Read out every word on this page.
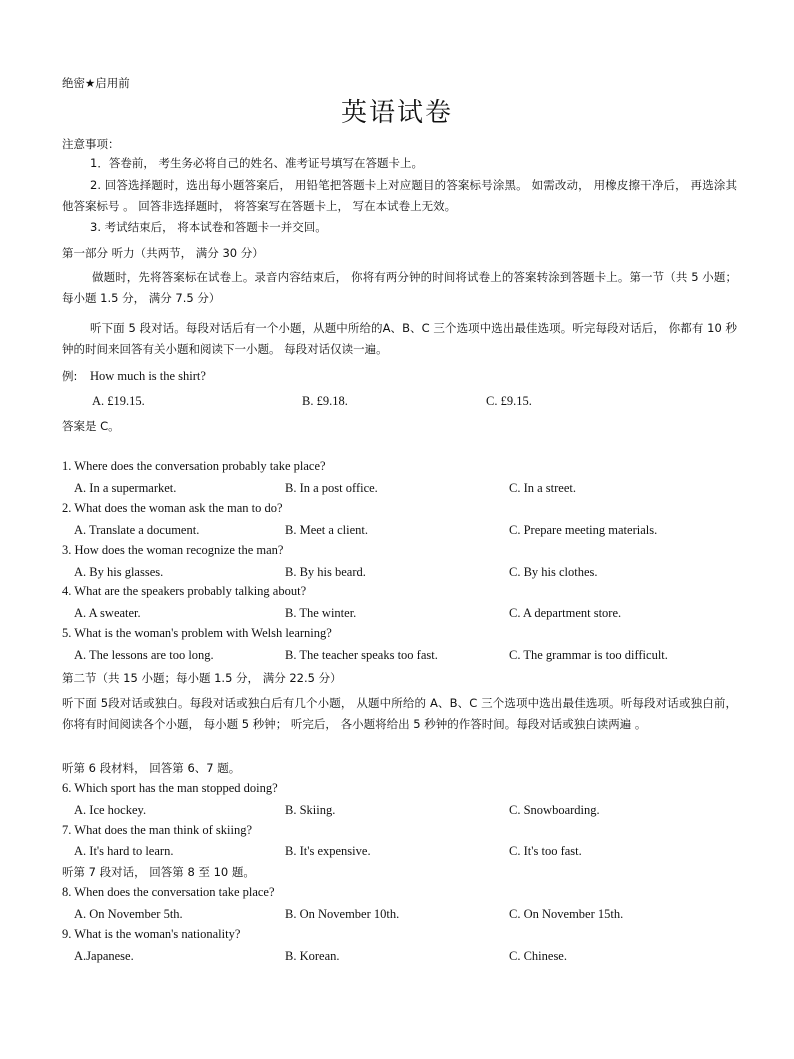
绝密★启用前
英语试卷
注意事项：
1．答卷前， 考生务必将自己的姓名、准考证号填写在答题卡上。
2. 回答选择题时，选出每小题答案后， 用铅笔把答题卡上对应题目的答案标号涂黑。 如需改动， 用橡皮擦干净后， 再选涂其他答案标号 。 回答非选择题时， 将答案写在答题卡上， 写在本试卷上无效。
3. 考试结束后， 将本试卷和答题卡一并交回。
第一部分 听力（共两节， 满分 30 分）
做题时，先将答案标在试卷上。录音内容结束后， 你将有两分钟的时间将试卷上的答案转涂到答题卡上。第一节（共 5 小题；每小题 1.5 分， 满分 7.5 分）
听下面 5 段对话。每段对话后有一个小题，从题中所给的A、B、C 三个选项中选出最佳选项。听完每段对话后， 你都有 10 秒钟的时间来回答有关小题和阅读下一小题。 每段对话仅读一遍。
例: How much is the shirt?
A. £19.15.	B. £9.18.	C. £9.15.
答案是 C。
1. Where does the conversation probably take place?
A. In a supermarket.	B. In a post office.	C. In a street.
2. What does the woman ask the man to do?
A. Translate a document.	B. Meet a client.	C. Prepare meeting materials.
3. How does the woman recognize the man?
A. By his glasses.	B. By his beard.	C. By his clothes.
4. What are the speakers probably talking about?
A. A sweater.	B. The winter.	C. A department store.
5. What is the woman's problem with Welsh learning?
A. The lessons are too long.	B. The teacher speaks too fast.	C. The grammar is too difficult.
第二节（共 15 小题；每小题 1.5 分， 满分 22.5 分）
听下面 5段对话或独白。每段对话或独白后有几个小题， 从题中所给的 A、B、C 三个选项中选出最佳选项。听每段对话或独白前， 你将有时间阅读各个小题， 每小题 5 秒钟； 听完后， 各小题将给出 5 秒钟的作答时间。每段对话或独白读两遍 。
听第 6 段材料， 回答第 6、7 题。
6. Which sport has the man stopped doing?
A. Ice hockey.	B. Skiing.	C. Snowboarding.
7. What does the man think of skiing?
A. It's hard to learn.	B. It's expensive.	C. It's too fast.
听第 7 段对话， 回答第 8 至 10 题。
8. When does the conversation take place?
A. On November 5th.	B. On November 10th.	C. On November 15th.
9. What is the woman's nationality?
A.Japanese.	B. Korean.	C. Chinese.
